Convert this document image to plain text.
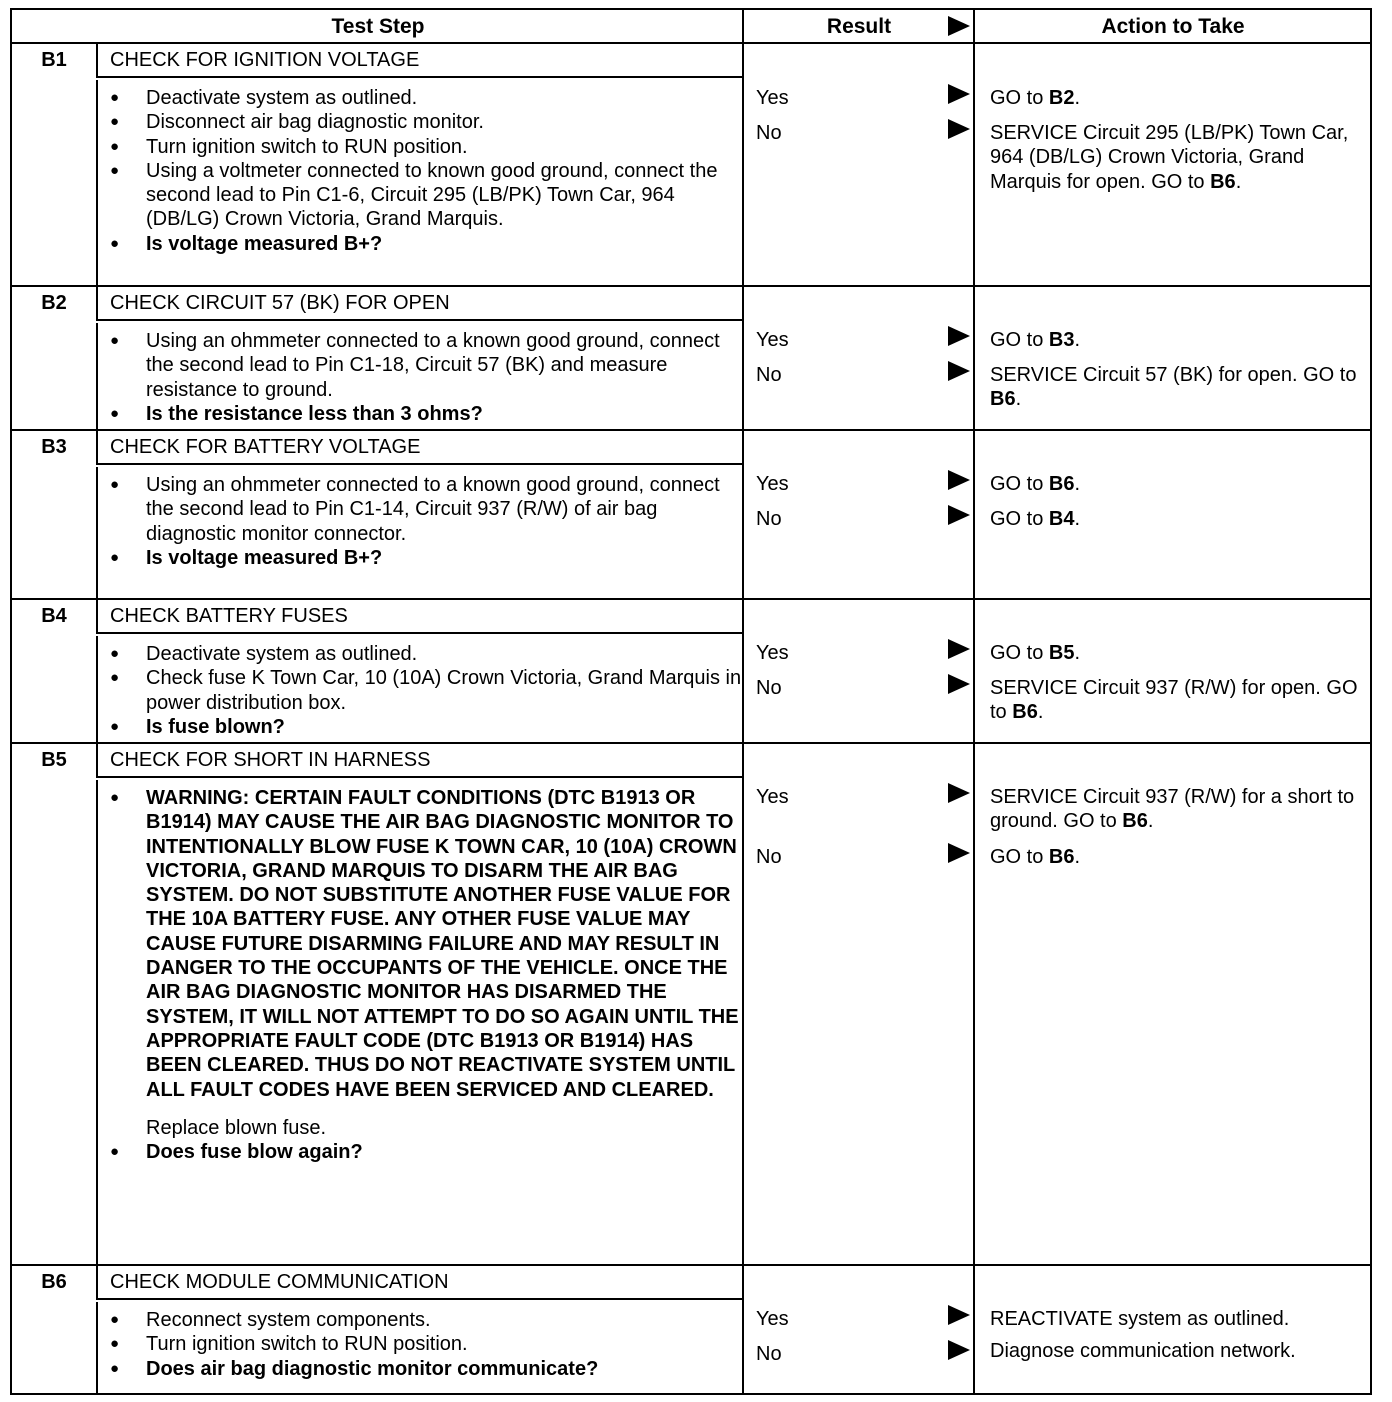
Test Step	Result	Action to Take
B1	CHECK FOR IGNITION VOLTAGE
● Deactivate system as outlined.
● Disconnect air bag diagnostic monitor.
● Turn ignition switch to RUN position.
● Using a voltmeter connected to known good ground, connect the second lead to Pin C1-6, Circuit 295 (LB/PK) Town Car, 964 (DB/LG) Crown Victoria, Grand Marquis.
● Is voltage measured B+?
Yes	GO to B2.
No	SERVICE Circuit 295 (LB/PK) Town Car, 964 (DB/LG) Crown Victoria, Grand Marquis for open. GO to B6.
B2	CHECK CIRCUIT 57 (BK) FOR OPEN
● Using an ohmmeter connected to a known good ground, connect the second lead to Pin C1-18, Circuit 57 (BK) and measure resistance to ground.
● Is the resistance less than 3 ohms?
Yes	GO to B3.
No	SERVICE Circuit 57 (BK) for open. GO to B6.
B3	CHECK FOR BATTERY VOLTAGE
● Using an ohmmeter connected to a known good ground, connect the second lead to Pin C1-14, Circuit 937 (R/W) of air bag diagnostic monitor connector.
● Is voltage measured B+?
Yes	GO to B6.
No	GO to B4.
B4	CHECK BATTERY FUSES
● Deactivate system as outlined.
● Check fuse K Town Car, 10 (10A) Crown Victoria, Grand Marquis in power distribution box.
● Is fuse blown?
Yes	GO to B5.
No	SERVICE Circuit 937 (R/W) for open. GO to B6.
B5	CHECK FOR SHORT IN HARNESS
● WARNING: CERTAIN FAULT CONDITIONS (DTC B1913 OR B1914) MAY CAUSE THE AIR BAG DIAGNOSTIC MONITOR TO INTENTIONALLY BLOW FUSE K TOWN CAR, 10 (10A) CROWN VICTORIA, GRAND MARQUIS TO DISARM THE AIR BAG SYSTEM. DO NOT SUBSTITUTE ANOTHER FUSE VALUE FOR THE 10A BATTERY FUSE. ANY OTHER FUSE VALUE MAY CAUSE FUTURE DISARMING FAILURE AND MAY RESULT IN DANGER TO THE OCCUPANTS OF THE VEHICLE. ONCE THE AIR BAG DIAGNOSTIC MONITOR HAS DISARMED THE SYSTEM, IT WILL NOT ATTEMPT TO DO SO AGAIN UNTIL THE APPROPRIATE FAULT CODE (DTC B1913 OR B1914) HAS BEEN CLEARED. THUS DO NOT REACTIVATE SYSTEM UNTIL ALL FAULT CODES HAVE BEEN SERVICED AND CLEARED.
Replace blown fuse.
● Does fuse blow again?
Yes	SERVICE Circuit 937 (R/W) for a short to ground. GO to B6.
No	GO to B6.
B6	CHECK MODULE COMMUNICATION
● Reconnect system components.
● Turn ignition switch to RUN position.
● Does air bag diagnostic monitor communicate?
Yes	REACTIVATE system as outlined.
No	Diagnose communication network.
